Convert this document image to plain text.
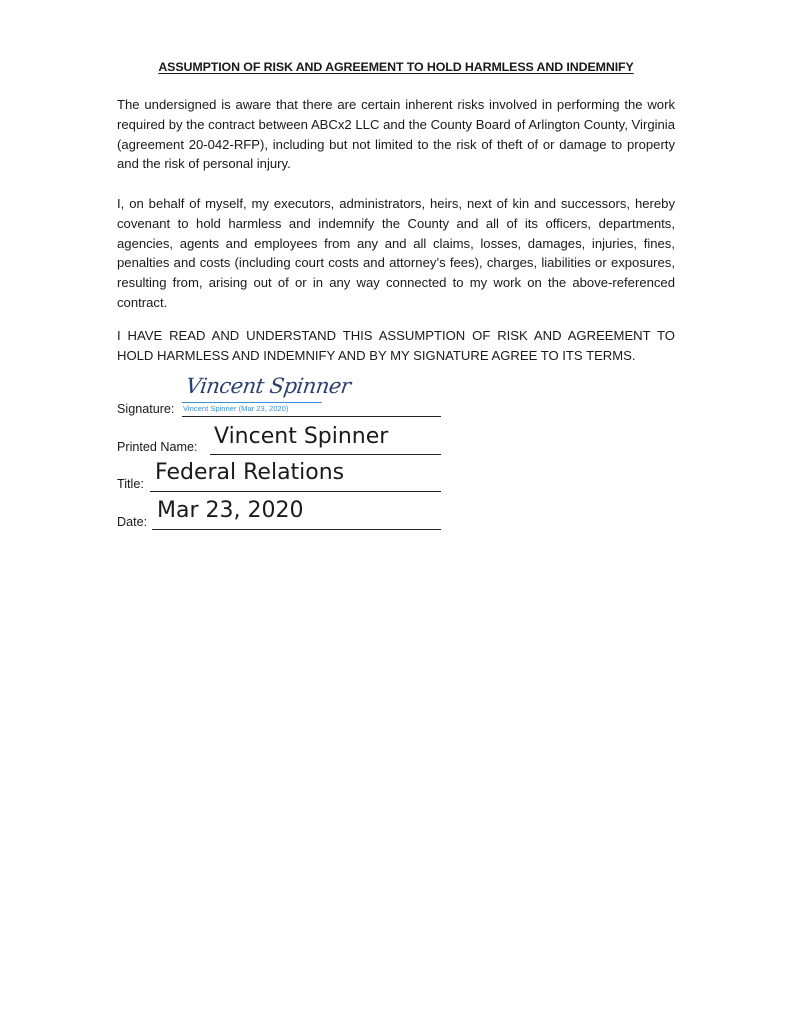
ASSUMPTION OF RISK AND AGREEMENT TO HOLD HARMLESS AND INDEMNIFY

The undersigned is aware that there are certain inherent risks involved in performing the work required by the contract between ABCx2 LLC and the County Board of Arlington County, Virginia (agreement 20-042-RFP), including but not limited to the risk of theft of or damage to property and the risk of personal injury.

I, on behalf of myself, my executors, administrators, heirs, next of kin and successors, hereby covenant to hold harmless and indemnify the County and all of its officers, departments, agencies, agents and employees from any and all claims, losses, damages, injuries, fines, penalties and costs (including court costs and attorney’s fees), charges, liabilities or exposures, resulting from, arising out of or in any way connected to my work on the above-referenced contract.

I HAVE READ AND UNDERSTAND THIS ASSUMPTION OF RISK AND AGREEMENT TO HOLD HARMLESS AND INDEMNIFY AND BY MY SIGNATURE AGREE TO ITS TERMS.

Signature:
Vincent Spinner
Vincent Spinner (Mar 23, 2020)
Printed Name: Vincent Spinner
Title: Federal Relations
Date: Mar 23, 2020
